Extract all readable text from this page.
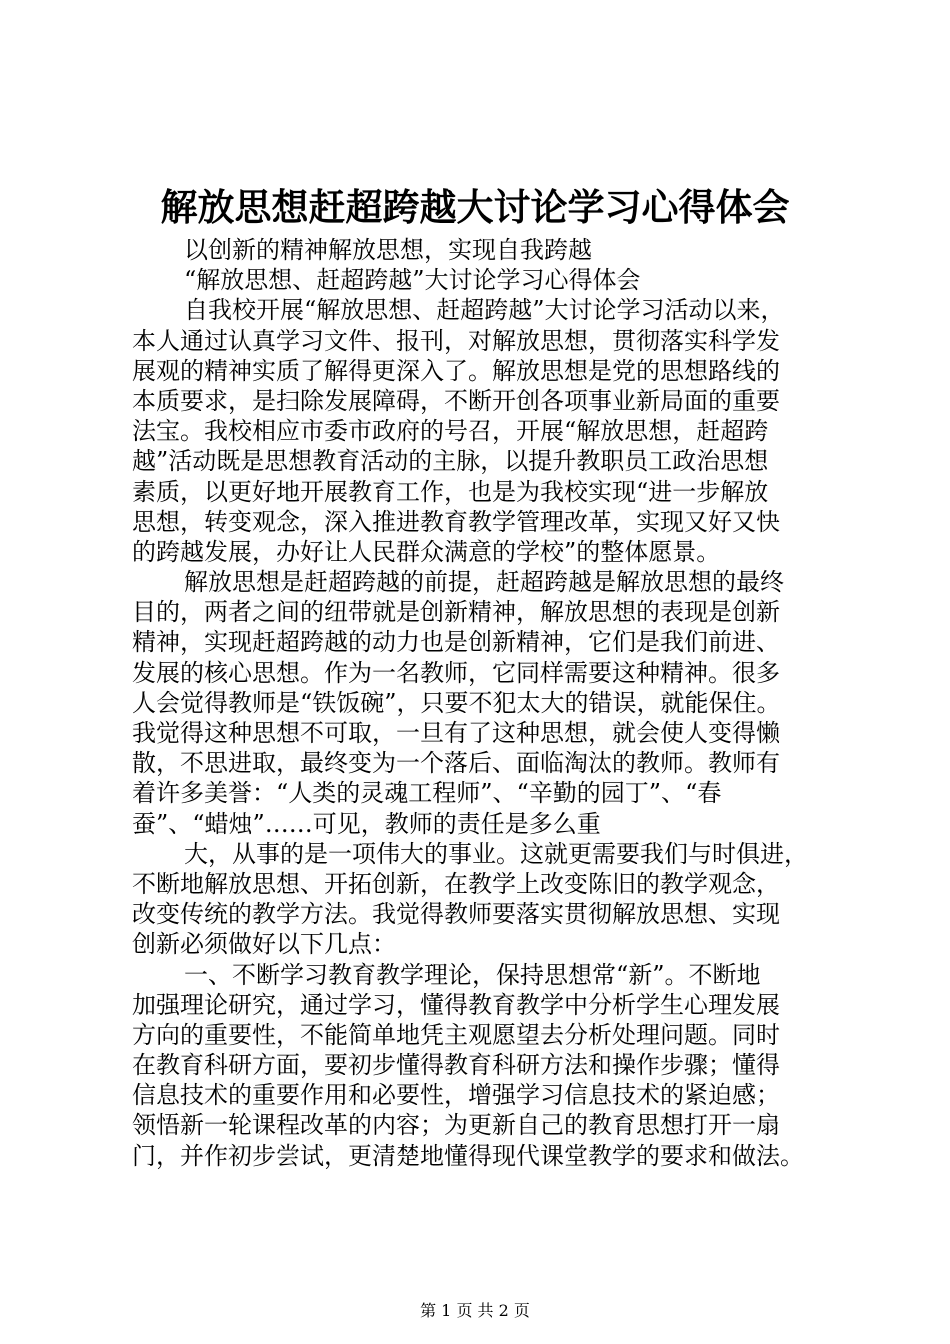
解放思想赶超跨越大讨论学习心得体会
以创新的精神解放思想，实现自我跨越
“解放思想、赶超跨越”大讨论学习心得体会
自我校开展“解放思想、赶超跨越”大讨论学习活动以来，
本人通过认真学习文件、报刊，对解放思想，贯彻落实科学发
展观的精神实质了解得更深入了。解放思想是党的思想路线的
本质要求，是扫除发展障碍，不断开创各项事业新局面的重要
法宝。我校相应市委市政府的号召，开展“解放思想，赶超跨
越”活动既是思想教育活动的主脉，以提升教职员工政治思想
素质，以更好地开展教育工作，也是为我校实现“进一步解放
思想，转变观念，深入推进教育教学管理改革，实现又好又快
的跨越发展，办好让人民群众满意的学校”的整体愿景。
解放思想是赶超跨越的前提，赶超跨越是解放思想的最终
目的，两者之间的纽带就是创新精神，解放思想的表现是创新
精神，实现赶超跨越的动力也是创新精神，它们是我们前进、
发展的核心思想。作为一名教师，它同样需要这种精神。很多
人会觉得教师是“铁饭碗”，只要不犯太大的错误，就能保住。
我觉得这种思想不可取，一旦有了这种思想，就会使人变得懒
散，不思进取，最终变为一个落后、面临淘汰的教师。教师有
着许多美誉：“人类的灵魂工程师”、“辛勤的园丁”、“春
蚕”、“蜡烛”……可见，教师的责任是多么重
大，从事的是一项伟大的事业。这就更需要我们与时俱进，
不断地解放思想、开拓创新，在教学上改变陈旧的教学观念，
改变传统的教学方法。我觉得教师要落实贯彻解放思想、实现
创新必须做好以下几点：
一、不断学习教育教学理论，保持思想常“新”。不断地
加强理论研究，通过学习，懂得教育教学中分析学生心理发展
方向的重要性，不能简单地凭主观愿望去分析处理问题。同时
在教育科研方面，要初步懂得教育科研方法和操作步骤；懂得
信息技术的重要作用和必要性，增强学习信息技术的紧迫感；
领悟新一轮课程改革的内容；为更新自己的教育思想打开一扇
门，并作初步尝试，更清楚地懂得现代课堂教学的要求和做法。
第 1 页 共 2 页
